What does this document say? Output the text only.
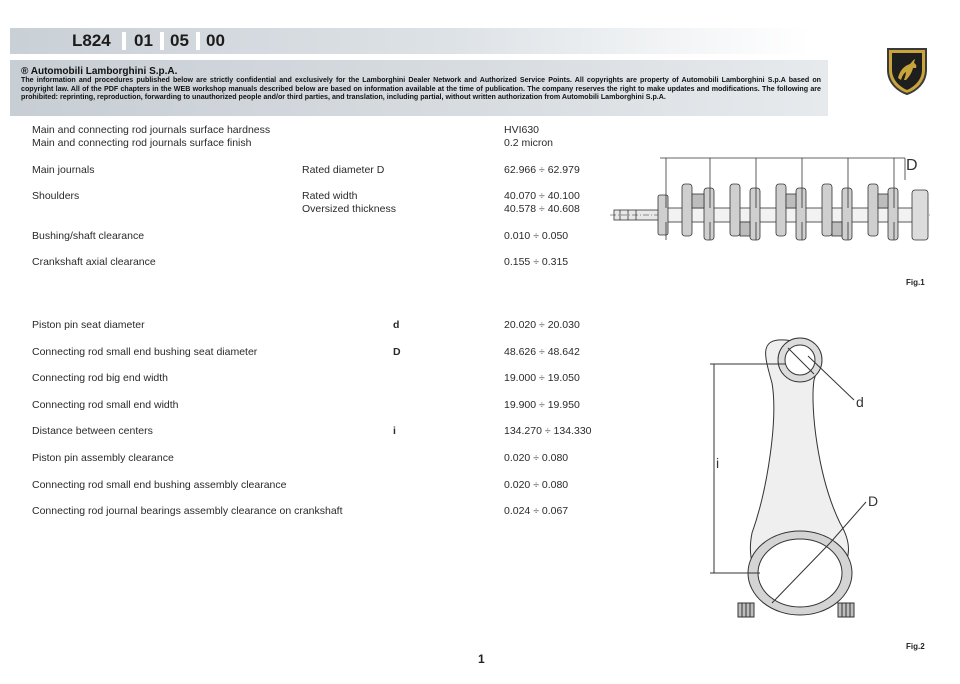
L824 01 05 00
® Automobili Lamborghini S.p.A.
The information and procedures published below are strictly confidential and exclusively for the Lamborghini Dealer Network and Authorized Service Points. All copyrights are property of Automobili Lamborghini S.p.A based on copyright law. All of the PDF chapters in the WEB workshop manuals described below are based on information available at the time of publication. The company reserves the right to make updates and modifications. The following are prohibited: reprinting, reproduction, forwarding to unauthorized people and/or third parties, and translation, including partial, without written authorization from Automobili Lamborghini S.p.A.
Main and connecting rod journals surface hardness	HVI630
Main and connecting rod journals surface finish	0.2 micron
Main journals	Rated diameter D	62.966 ÷ 62.979
Shoulders	Rated width	40.070 ÷ 40.100
Oversized thickness	40.578 ÷ 40.608
Bushing/shaft clearance	0.010 ÷ 0.050
Crankshaft axial clearance	0.155 ÷ 0.315
Piston pin seat diameter	d	20.020 ÷ 20.030
Connecting rod small end bushing seat diameter	D	48.626 ÷ 48.642
Connecting rod big end width	19.000 ÷ 19.050
Connecting rod small end width	19.900 ÷ 19.950
Distance between centers	i	134.270 ÷ 134.330
Piston pin assembly clearance	0.020 ÷ 0.080
Connecting rod small end bushing assembly clearance	0.020 ÷ 0.080
Connecting rod journal bearings assembly clearance on crankshaft	0.024 ÷ 0.067
D
Fig.1
d
i
D
Fig.2
1
